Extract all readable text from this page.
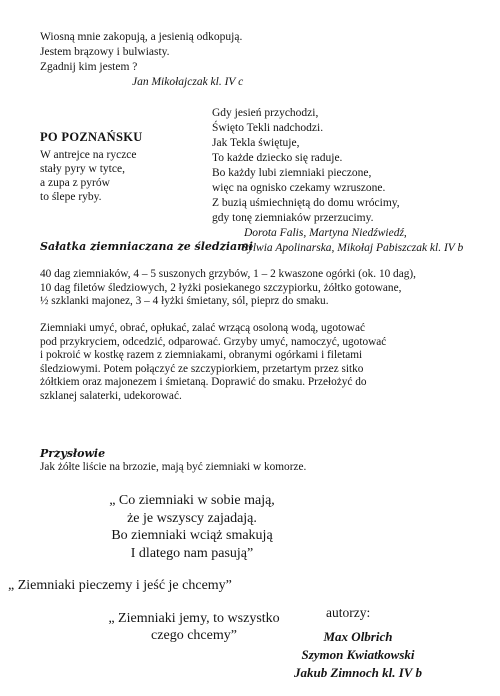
Wiosną mnie zakopują, a jesienią odkopują.
Jestem brązowy i bulwiasty.
Zgadnij kim jestem ?
Jan Mikołajczak kl. IV c
PO POZNAŃSKU
W antrejce na ryczce
stały pyry w tytce,
a zupa z pyrów
to ślepe ryby.
Gdy jesień przychodzi,
Święto Tekli nadchodzi.
Jak Tekla świętuje,
To każde dziecko się raduje.
Bo każdy lubi ziemniaki pieczone,
więc na ognisko czekamy wzruszone.
Z buzią uśmiechniętą do domu wrócimy,
gdy tonę ziemniaków przerzucimy.
Dorota Falis, Martyna Niedźwiedź,
Sylwia Apolinarska, Mikołaj Pabiszczak kl. IV b
Sałatka ziemniaczana ze śledziami
40 dag ziemniaków, 4 – 5 suszonych grzybów, 1 – 2 kwaszone ogórki (ok. 10 dag),
10 dag filetów śledziowych, 2 łyżki posiekanego szczypiorku, żółtko gotowane,
½ szklanki majonez, 3 – 4 łyżki śmietany, sól, pieprz do smaku.
Ziemniaki umyć, obrać, opłukać, zalać wrzącą osoloną wodą, ugotować
pod przykryciem, odcedzić, odparować. Grzyby umyć, namoczyć, ugotować
i pokroić w kostkę razem z ziemniakami, obranymi ogórkami i filetami
śledziowymi. Potem połączyć ze szczypiorkiem, przetartym przez sitko
żółtkiem oraz majonezem i śmietaną. Doprawić do smaku. Przełożyć do
szklanej salaterki, udekorować.
Przysłowie
Jak żółte liście na brzozie, mają być ziemniaki w komorze.
„ Co ziemniaki w sobie mają,
że je wszyscy zajadają.
Bo ziemniaki wciąż smakują
I dlatego nam pasują”
„ Ziemniaki pieczemy i jeść je chcemy”
„ Ziemniaki jemy, to wszystko
czego chcemy”
autorzy:
Max Olbrich
Szymon Kwiatkowski
Jakub Zimnoch kl. IV b
